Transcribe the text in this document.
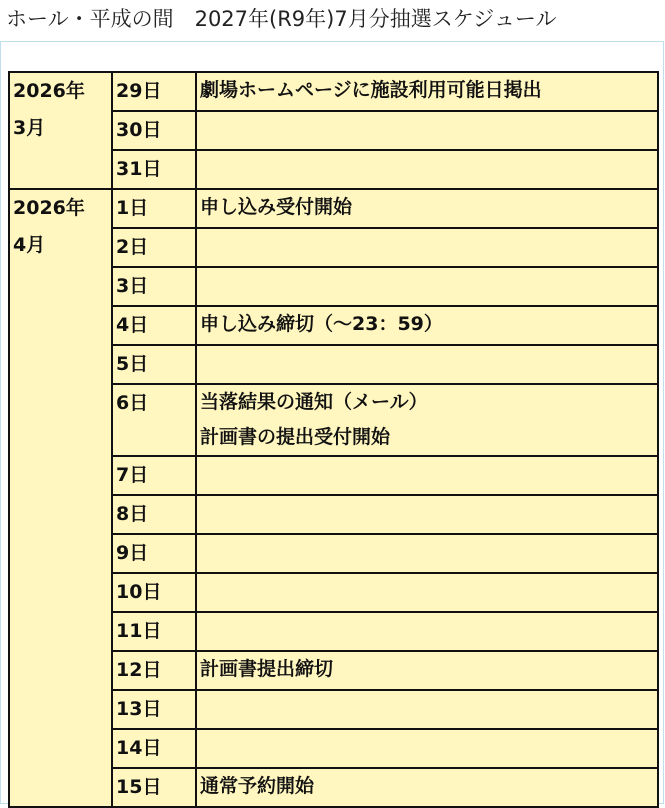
ホール・平成の間　2027年(R9年)7月分抽選スケジュール
2026年
3月	29日	劇場ホームページに施設利用可能日掲出

	30日	
	31日	

2026年
4月	1日	申し込み受付開始

	2日	
	3日	
	4日	申し込み締切（～23：59）

	5日	
	6日	当落結果の通知（メール）
計画書の提出受付開始

	7日	
	8日	
	9日	
	10日	
	11日	
	12日	計画書提出締切

	13日	
	14日	
	15日	通常予約開始
